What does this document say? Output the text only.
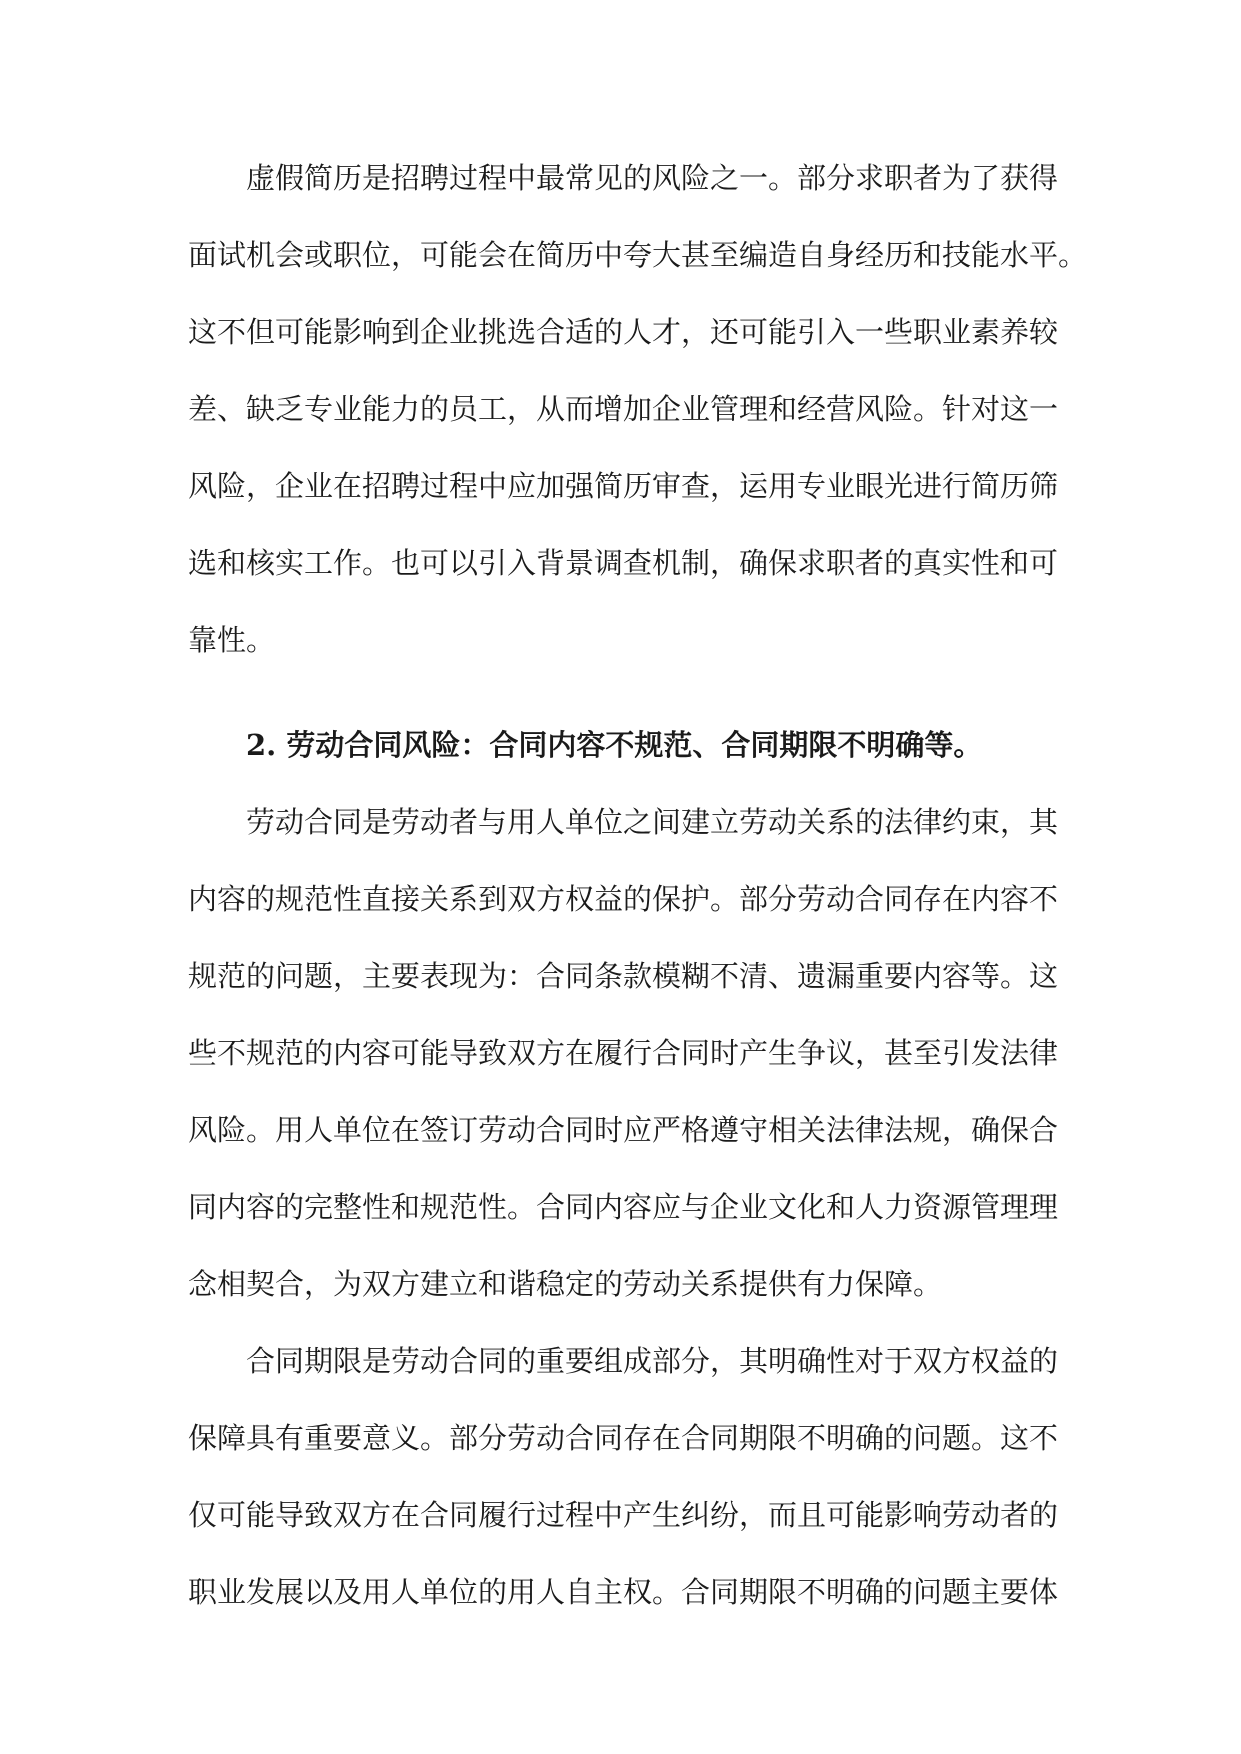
虚假简历是招聘过程中最常见的风险之一。部分求职者为了获得
面试机会或职位，可能会在简历中夸大甚至编造自身经历和技能水平。
这不但可能影响到企业挑选合适的人才，还可能引入一些职业素养较
差、缺乏专业能力的员工，从而增加企业管理和经营风险。针对这一
风险，企业在招聘过程中应加强简历审查，运用专业眼光进行简历筛
选和核实工作。也可以引入背景调查机制，确保求职者的真实性和可
靠性。
2. 劳动合同风险：合同内容不规范、合同期限不明确等。
劳动合同是劳动者与用人单位之间建立劳动关系的法律约束，其
内容的规范性直接关系到双方权益的保护。部分劳动合同存在内容不
规范的问题，主要表现为：合同条款模糊不清、遗漏重要内容等。这
些不规范的内容可能导致双方在履行合同时产生争议，甚至引发法律
风险。用人单位在签订劳动合同时应严格遵守相关法律法规，确保合
同内容的完整性和规范性。合同内容应与企业文化和人力资源管理理
念相契合，为双方建立和谐稳定的劳动关系提供有力保障。
合同期限是劳动合同的重要组成部分，其明确性对于双方权益的
保障具有重要意义。部分劳动合同存在合同期限不明确的问题。这不
仅可能导致双方在合同履行过程中产生纠纷，而且可能影响劳动者的
职业发展以及用人单位的用人自主权。合同期限不明确的问题主要体
